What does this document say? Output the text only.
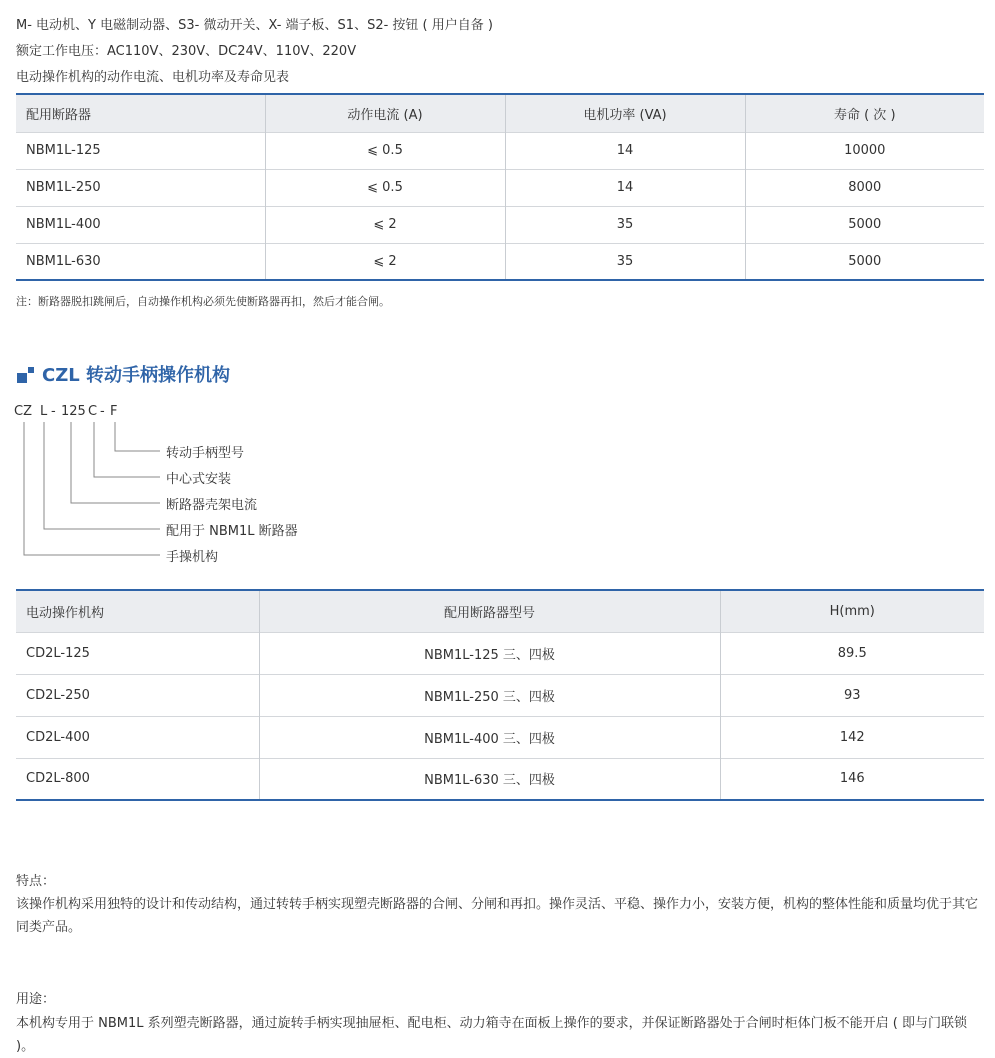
M- 电动机、Y 电磁制动器、S3- 微动开关、X- 端子板、S1、S2- 按钮 ( 用户自备 )
额定工作电压：AC110V、230V、DC24V、110V、220V
电动操作机构的动作电流、电机功率及寿命见表
配用断路器	动作电流 (A)	电机功率 (VA)	寿命 ( 次 )
NBM1L-125	⩽ 0.5	14	10000
NBM1L-250	⩽ 0.5	14	8000
NBM1L-400	⩽ 2	35	5000
NBM1L-630	⩽ 2	35	5000
注：断路器脱扣跳闸后，自动操作机构必须先使断路器再扣，然后才能合闸。
CZL 转动手柄操作机构
CZ L - 125 C - F
转动手柄型号
中心式安装
断路器壳架电流
配用于 NBM1L 断路器
手操机构
电动操作机构	配用断路器型号	H(mm)
CD2L-125	NBM1L-125 三、四极	89.5
CD2L-250	NBM1L-250 三、四极	93
CD2L-400	NBM1L-400 三、四极	142
CD2L-800	NBM1L-630 三、四极	146
特点：
该操作机构采用独特的设计和传动结构，通过转转手柄实现塑壳断路器的合闸、分闸和再扣。操作灵活、平稳、操作力小，安装方便，机构的整体性能和质量均优于其它同类产品。
用途：
本机构专用于 NBM1L 系列塑壳断路器，通过旋转手柄实现抽屉柜、配电柜、动力箱寺在面板上操作的要求，并保证断路器处于合闸时柜体门板不能开启 ( 即与门联锁 )。
